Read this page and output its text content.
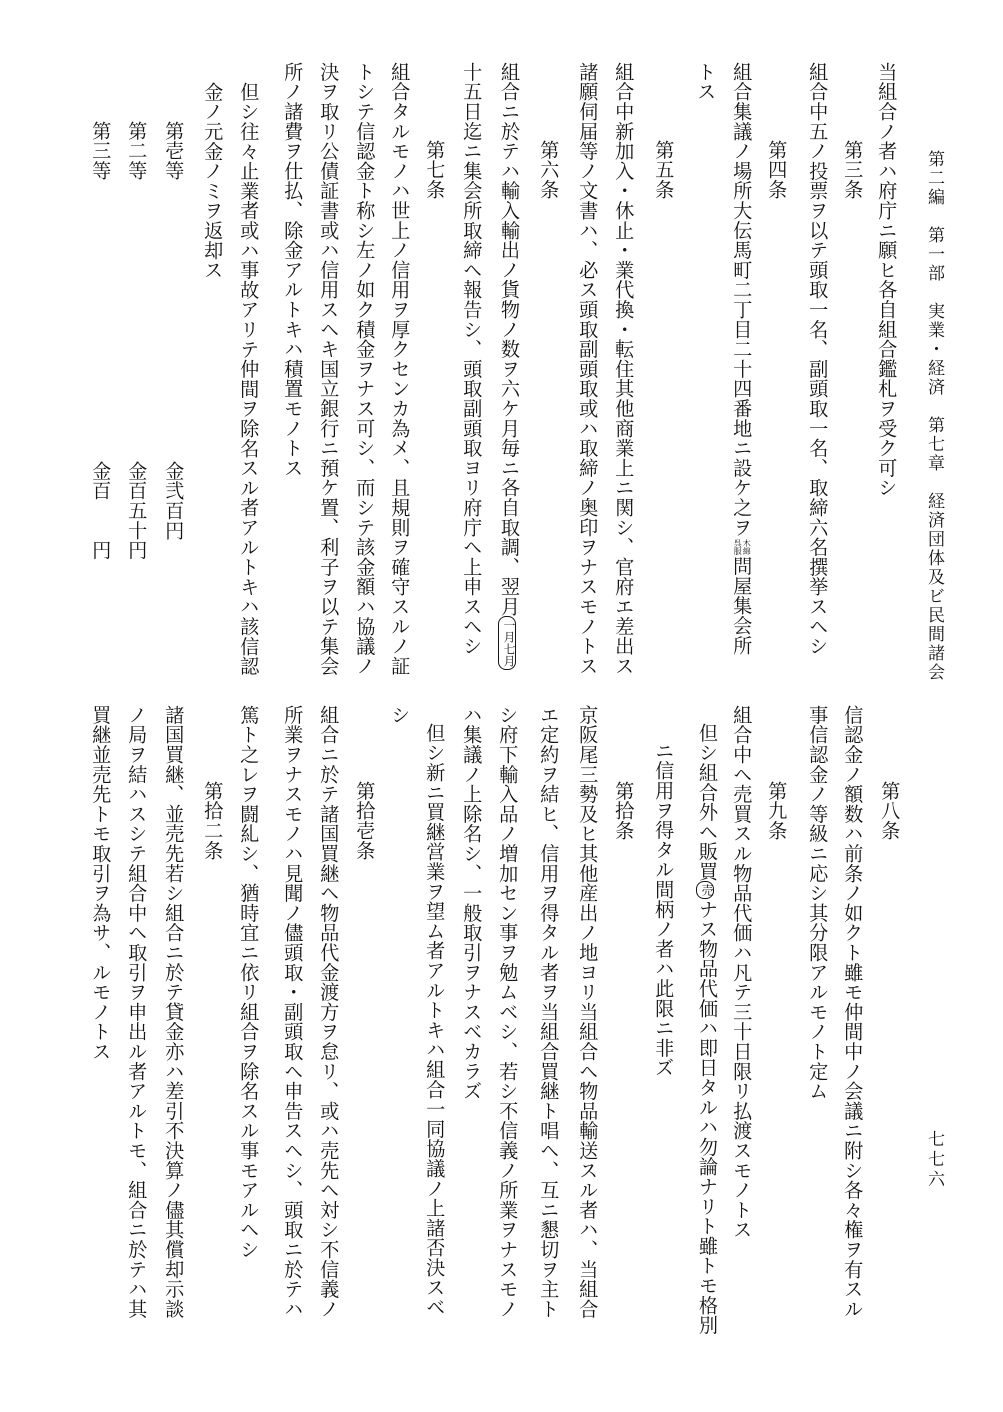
第二編　第一部　実業・経済　第七章　経済団体及ビ民間諸会
七七六
当組合ノ者ハ府庁ニ願ヒ各自組合鑑札ヲ受ク可シ
第三条
組合中五ノ投票ヲ以テ頭取一名、副頭取一名、取締六名撰挙スヘシ
第四条
組合集議ノ場所大伝馬町二丁目二十四番地ニ設ケ之ヲ木綿呉服問屋集会所
トス
第五条
組合中新加入・休止・業代換・転住其他商業上ニ関シ、官府エ差出ス
諸願伺届等ノ文書ハ、必ス頭取副頭取或ハ取締ノ奥印ヲナスモノトス
第六条
組合ニ於テハ輸入輸出ノ貨物ノ数ヲ六ケ月毎ニ各自取調、翌月一月七月
十五日迄ニ集会所取締ヘ報告シ、頭取副頭取ヨリ府庁ヘ上申スヘシ
第七条
組合タルモノハ世上ノ信用ヲ厚クセンカ為メ、且規則ヲ確守スルノ証
トシテ信認金ト称シ左ノ如ク積金ヲナス可シ、而シテ該金額ハ協議ノ
決ヲ取リ公債証書或ハ信用スヘキ国立銀行ニ預ケ置、利子ヲ以テ集会
所ノ諸費ヲ仕払、除金アルトキハ積置モノトス
但シ往々止業者或ハ事故アリテ仲間ヲ除名スル者アルトキハ該信認
金ノ元金ノミヲ返却ス
第壱等
金弐百円
第二等
金百五十円
第三等
金百　　円
第八条
信認金ノ額数ハ前条ノ如クト雖モ仲間中ノ会議ニ附シ各々権ヲ有スル
事信認金ノ等級ニ応シ其分限アルモノト定ム
第九条
組合中ヘ売買スル物品代価ハ凡テ三十日限リ払渡スモノトス
但シ組合外ヘ販買売ナス物品代価ハ即日タルハ勿論ナリト雖トモ格別
ニ信用ヲ得タル間柄ノ者ハ此限ニ非ズ
第拾条
京阪尾三勢及ヒ其他産出ノ地ヨリ当組合ヘ物品輸送スル者ハ、当組合
エ定約ヲ結ヒ、信用ヲ得タル者ヲ当組合買継ト唱ヘ、互ニ懇切ヲ主ト
シ府下輸入品ノ増加セン事ヲ勉ムベシ、若シ不信義ノ所業ヲナスモノ
ハ集議ノ上除名シ、一般取引ヲナスベカラズ
但シ新ニ買継営業ヲ望ム者アルトキハ組合一同協議ノ上諸否決スベ
シ
第拾壱条
組合ニ於テ諸国買継ヘ物品代金渡方ヲ怠リ、或ハ売先ヘ対シ不信義ノ
所業ヲナスモノハ見聞ノ儘頭取・副頭取ヘ申告スヘシ、頭取ニ於テハ
篤ト之レヲ闘糺シ、猶時宜ニ依リ組合ヲ除名スル事モアルヘシ
第拾二条
諸国買継、並売先若シ組合ニ於テ貸金亦ハ差引不決算ノ儘其償却示談
ノ局ヲ結ハスシテ組合中ヘ取引ヲ申出ル者アルトモ、組合ニ於テハ其
買継並売先トモ取引ヲ為サ、ルモノトス
